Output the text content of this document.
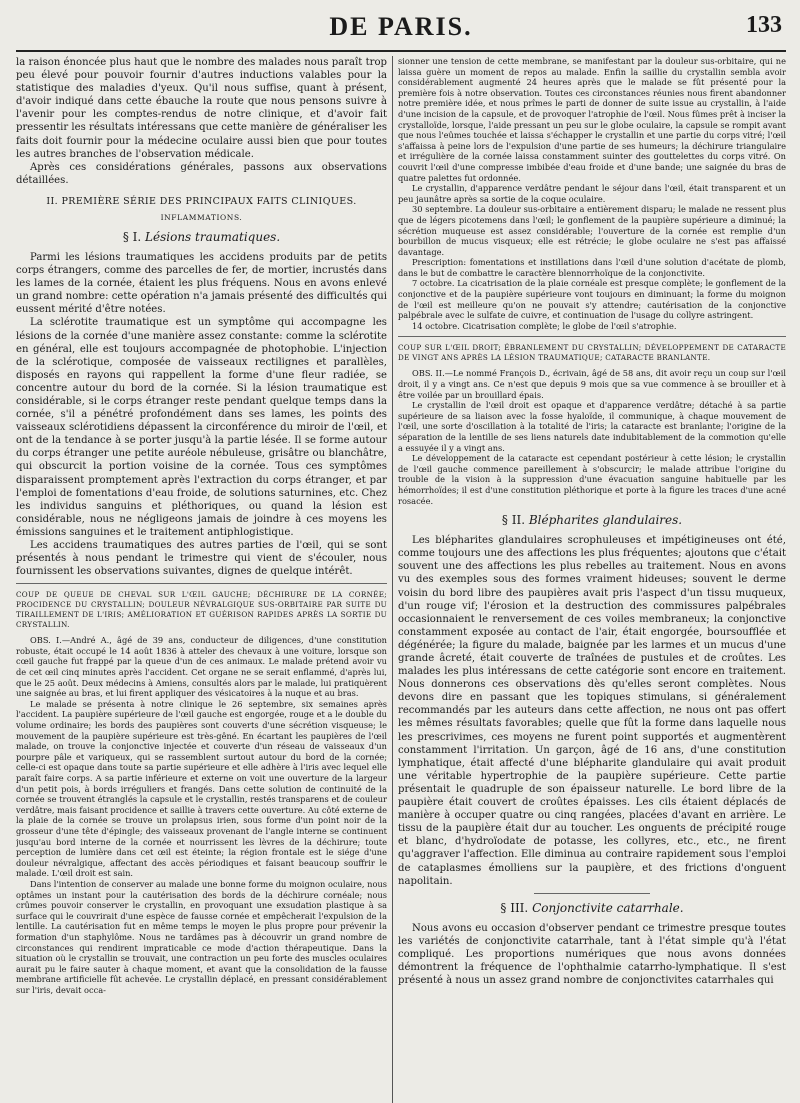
DE PARIS.	133

la raison énoncée plus haut que le nombre des malades nous paraît trop peu élevé pour pouvoir fournir d'autres inductions valables pour la statistique des maladies d'yeux. Qu'il nous suffise, quant à présent, d'avoir indiqué dans cette ébauche la route que nous pensons suivre à l'avenir pour les comptes-rendus de notre clinique, et d'avoir fait pressentir les résultats intéressans que cette manière de généraliser les faits doit fournir pour la médecine oculaire aussi bien que pour toutes les autres branches de l'observation médicale.

Après ces considérations générales, passons aux observations détaillées.

II. PREMIÈRE SÉRIE DES PRINCIPAUX FAITS CLINIQUES.
INFLAMMATIONS.
§ I. Lésions traumatiques.

Parmi les lésions traumatiques les accidens produits par de petits corps étrangers, comme des parcelles de fer, de mortier, incrustés dans les lames de la cornée, étaient les plus fréquens. Nous en avons enlevé un grand nombre: cette opération n'a jamais présenté des difficultés qui eussent mérité d'être notées.

La sclérotite traumatique est un symptôme qui accompagne les lésions de la cornée d'une manière assez constante: comme la sclérotite en général, elle est toujours accompagnée de photophobie. L'injection de la sclérotique, composée de vaisseaux rectilignes et parallèles, disposés en rayons qui rappellent la forme d'une fleur radiée, se concentre autour du bord de la cornée. Si la lésion traumatique est considérable, si le corps étranger reste pendant quelque temps dans la cornée, s'il a pénétré profondément dans ses lames, les points des vaisseaux sclérotidiens dépassent la circonférence du miroir de l'œil, et ont de la tendance à se porter jusqu'à la partie lésée. Il se forme autour du corps étranger une petite auréole nébuleuse, grisâtre ou blanchâtre, qui obscurcit la portion voisine de la cornée. Tous ces symptômes disparaissent promptement après l'extraction du corps étranger, et par l'emploi de fomentations d'eau froide, de solutions saturnines, etc. Chez les individus sanguins et pléthoriques, ou quand la lésion est considérable, nous ne négligeons jamais de joindre à ces moyens les émissions sanguines et le traitement antiphlogistique.

Les accidens traumatiques des autres parties de l'œil, qui se sont présentés à nous pendant le trimestre qui vient de s'écouler, nous fournissent les observations suivantes, dignes de quelque intérêt.

COUP DE QUEUE DE CHEVAL SUR L'ŒIL GAUCHE; DÉCHIRURE DE LA CORNÉE; PROCIDENCE DU CRYSTALLIN; DOULEUR NÉVRALGIQUE SUS-ORBITAIRE PAR SUITE DU TIRAILLEMENT DE L'IRIS; AMÉLIORATION ET GUÉRISON RAPIDES APRÈS LA SORTIE DU CRYSTALLIN.

OBS. I.—André A., âgé de 39 ans, conducteur de diligences, d'une constitution robuste, était occupé le 14 août 1836 à atteler des chevaux à une voiture, lorsque son cœil gauche fut frappé par la queue d'un de ces animaux. Le malade prétend avoir vu de cet œil cinq minutes après l'accident. Cet organe ne se serait enflammé, d'après lui, que le 25 août. Deux médecins à Amiens, consultés alors par le malade, lui pratiquèrent une saignée au bras, et lui firent appliquer des vésicatoires à la nuque et au bras.

Le malade se présenta à notre clinique le 26 septembre, six semaines après l'accident. La paupière supérieure de l'œil gauche est engorgée, rouge et a le double du volume ordinaire; les bords des paupières sont couverts d'une sécrétion visqueuse; le mouvement de la paupière supérieure est très-gêné. En écartant les paupières de l'œil malade, on trouve la conjonctive injectée et couverte d'un réseau de vaisseaux d'un pourpre pâle et variqueux, qui se rassemblent surtout autour du bord de la cornée; celle-ci est opaque dans toute sa partie supérieure et elle adhère à l'iris avec lequel elle paraît faire corps. A sa partie inférieure et externe on voit une ouverture de la largeur d'un petit pois, à bords irréguliers et frangés. Dans cette solution de continuité de la cornée se trouvent étranglés la capsule et le crystallin, restés transparens et de couleur verdâtre, mais faisant procidence et saillie à travers cette ouverture. Au côté externe de la plaie de la cornée se trouve un prolapsus irien, sous forme d'un point noir de la grosseur d'une tête d'épingle; des vaisseaux provenant de l'angle interne se continuent jusqu'au bord interne de la cornée et nourrissent les lèvres de la déchirure; toute perception de lumière dans cet œil est éteinte; la région frontale est le siége d'une douleur névralgique, affectant des accès périodiques et faisant beaucoup souffrir le malade. L'œil droit est sain.

Dans l'intention de conserver au malade une bonne forme du moignon oculaire, nous optâmes un instant pour la cautérisation des bords de la déchirure cornéale; nous crûmes pouvoir conserver le crystallin, en provoquant une exsudation plastique à sa surface qui le couvrirait d'une espèce de fausse cornée et empêcherait l'expulsion de la lentille. La cautérisation fut en même temps le moyen le plus propre pour prévenir la formation d'un staphylôme. Nous ne tardâmes pas à découvrir un grand nombre de circonstances qui rendirent impraticable ce mode d'action thérapeutique. Dans la situation où le crystallin se trouvait, une contraction un peu forte des muscles oculaires aurait pu le faire sauter à chaque moment, et avant que la consolidation de la fausse membrane artificielle fût achevée. Le crystallin déplacé, en pressant considérablement sur l'iris, devait occa-

sionner une tension de cette membrane, se manifestant par la douleur sus-orbitaire, qui ne laissa guère un moment de repos au malade. Enfin la saillie du crystallin sembla avoir considérablement augmenté 24 heures après que le malade se fût présenté pour la première fois à notre observation. Toutes ces circonstances réunies nous firent abandonner notre première idée, et nous prîmes le parti de donner de suite issue au crystallin, à l'aide d'une incision de la capsule, et de provoquer l'atrophie de l'œil. Nous fûmes prêt à inciser la crystalloïde, lorsque, l'aide pressant un peu sur le globe oculaire, la capsule se rompit avant que nous l'eûmes touchée et laissa s'échapper le crystallin et une partie du corps vitré; l'œil s'affaissa à peine lors de l'expulsion d'une partie de ses humeurs; la déchirure triangulaire et irrégulière de la cornée laissa constamment suinter des gouttelettes du corps vitré. On couvrit l'œil d'une compresse imbibée d'eau froide et d'une bande; une saignée du bras de quatre palettes fut ordonnée.

Le crystallin, d'apparence verdâtre pendant le séjour dans l'œil, était transparent et un peu jaunâtre après sa sortie de la coque oculaire.

30 septembre. La douleur sus-orbitaire a entièrement disparu; le malade ne ressent plus que de légers picotemens dans l'œil; le gonflement de la paupière supérieure a diminué; la sécrétion muqueuse est assez considérable; l'ouverture de la cornée est remplie d'un bourbillon de mucus visqueux; elle est rétrécie; le globe oculaire ne s'est pas affaissé davantage.

Prescription: fomentations et instillations dans l'œil d'une solution d'acétate de plomb, dans le but de combattre le caractère blennorrhoïque de la conjonctivite.

7 octobre. La cicatrisation de la plaie cornéale est presque complète; le gonflement de la conjonctive et de la paupière supérieure vont toujours en diminuant; la forme du moignon de l'œil est meilleure qu'on ne pouvait s'y attendre; cautérisation de la conjonctive palpébrale avec le sulfate de cuivre, et continuation de l'usage du collyre astringent.

14 octobre. Cicatrisation complète; le globe de l'œil s'atrophie.

COUP SUR L'ŒIL DROIT; ÉBRANLEMENT DU CRYSTALLIN; DÉVELOPPEMENT DE CATARACTE DE VINGT ANS APRÈS LA LÉSION TRAUMATIQUE; CATARACTE BRANLANTE.

OBS. II.—Le nommé François D., écrivain, âgé de 58 ans, dit avoir reçu un coup sur l'œil droit, il y a vingt ans. Ce n'est que depuis 9 mois que sa vue commence à se brouiller et à être voilée par un brouillard épais.

Le crystallin de l'œil droit est opaque et d'apparence verdâtre; détaché à sa partie supérieure de sa liaison avec la fosse hyaloïde, il communique, à chaque mouvement de l'œil, une sorte d'oscillation à la totalité de l'iris; la cataracte est branlante; l'origine de la séparation de la lentille de ses liens naturels date indubitablement de la commotion qu'elle a essuyée il y a vingt ans.

Le développement de la cataracte est cependant postérieur à cette lésion; le crystallin de l'œil gauche commence pareillement à s'obscurcir; le malade attribue l'origine du trouble de la vision à la suppression d'une évacuation sanguine habituelle par les hémorrhoïdes; il est d'une constitution pléthorique et porte à la figure les traces d'une acné rosacée.

§ II. Blépharites glandulaires.

Les blépharites glandulaires scrophuleuses et impétigineuses ont été, comme toujours une des affections les plus fréquentes; ajoutons que c'était souvent une des affections les plus rebelles au traitement. Nous en avons vu des exemples sous des formes vraiment hideuses; souvent le derme voisin du bord libre des paupières avait pris l'aspect d'un tissu muqueux, d'un rouge vif; l'érosion et la destruction des commissures palpébrales occasionnaient le renversement de ces voiles membraneux; la conjonctive constamment exposée au contact de l'air, était engorgée, boursoufflée et dégénérée; la figure du malade, baignée par les larmes et un mucus d'une grande âcreté, était couverte de traînées de pustules et de croûtes. Les malades les plus intéressans de cette catégorie sont encore en traitement. Nous donnerons ces observations dès qu'elles seront complètes. Nous devons dire en passant que les topiques stimulans, si généralement recommandés par les auteurs dans cette affection, ne nous ont pas offert les mêmes résultats favorables; quelle que fût la forme dans laquelle nous les prescrivimes, ces moyens ne furent point supportés et augmentèrent constamment l'irritation. Un garçon, âgé de 16 ans, d'une constitution lymphatique, était affecté d'une blépharite glandulaire qui avait produit une véritable hypertrophie de la paupière supérieure. Cette partie présentait le quadruple de son épaisseur naturelle. Le bord libre de la paupière était couvert de croûtes épaisses. Les cils étaient déplacés de manière à occuper quatre ou cinq rangées, placées d'avant en arrière. Le tissu de la paupière était dur au toucher. Les onguents de précipité rouge et blanc, d'hydroïodate de potasse, les collyres, etc., etc., ne firent qu'aggraver l'affection. Elle diminua au contraire rapidement sous l'emploi de cataplasmes émolliens sur la paupière, et des frictions d'onguent napolitain.

§ III. Conjonctivite catarrhale.

Nous avons eu occasion d'observer pendant ce trimestre presque toutes les variétés de conjonctivite catarrhale, tant à l'état simple qu'à l'état compliqué. Les proportions numériques que nous avons données démontrent la fréquence de l'ophthalmie catarrho-lymphatique. Il s'est présenté à nous un assez grand nombre de conjonctivites catarrhales qui
